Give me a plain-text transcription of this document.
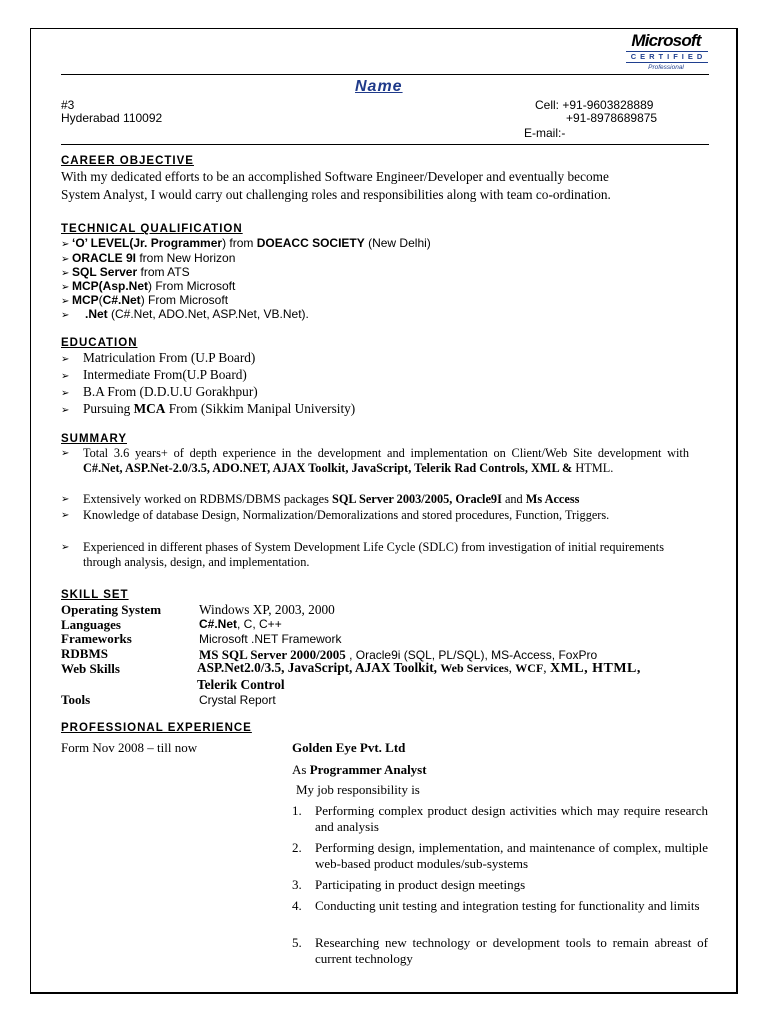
Microsoft
CERTIFIED
Professional
Name
#3
Hyderabad 110092
Cell: +91-9603828889
+91-8978689875
E-mail:-
CAREER OBJECTIVE
With my dedicated efforts to be an accomplished Software Engineer/Developer and eventually become
System Analyst, I would carry out challenging roles and responsibilities along with team co-ordination.
TECHNICAL QUALIFICATION
➢ ‘O’ LEVEL(Jr. Programmer) from DOEACC SOCIETY (New Delhi)
➢ ORACLE 9I from New Horizon
➢ SQL Server from ATS
➢ MCP(Asp.Net) From Microsoft
➢ MCP(C#.Net) From Microsoft
➢ .Net (C#.Net, ADO.Net, ASP.Net, VB.Net).
EDUCATION
➢ Matriculation From (U.P Board)
➢ Intermediate From(U.P Board)
➢ B.A From (D.D.U.U Gorakhpur)
➢ Pursuing MCA From (Sikkim Manipal University)
SUMMARY
➢	Total 3.6 years+ of depth experience in the development and implementation on Client/Web Site development with C#.Net, ASP.Net-2.0/3.5, ADO.NET, AJAX Toolkit, JavaScript, Telerik Rad Controls, XML & HTML.
➢	Extensively worked on RDBMS/DBMS packages SQL Server 2003/2005, Oracle9I and Ms Access
➢	Knowledge of database Design, Normalization/Demoralizations and stored procedures, Function, Triggers.
➢	Experienced in different phases of System Development Life Cycle (SDLC) from investigation of initial requirements through analysis, design, and implementation.
SKILL SET
Operating System	Windows XP, 2003, 2000
Languages	C#.Net, C, C++
Frameworks	Microsoft .NET Framework
RDBMS	MS SQL Server 2000/2005 , Oracle9i (SQL, PL/SQL), MS-Access, FoxPro
Web Skills	ASP.Net2.0/3.5, JavaScript, AJAX Toolkit, Web Services, WCF, XML, HTML,
Telerik Control
Tools	Crystal Report
PROFESSIONAL EXPERIENCE
Form Nov 2008 – till now	Golden Eye Pvt. Ltd
As Programmer Analyst
My job responsibility is
1. Performing complex product design activities which may require research and analysis
2. Performing design, implementation, and maintenance of complex, multiple web-based product modules/sub-systems
3. Participating in product design meetings
4. Conducting unit testing and integration testing for functionality and limits
5. Researching new technology or development tools to remain abreast of current technology
